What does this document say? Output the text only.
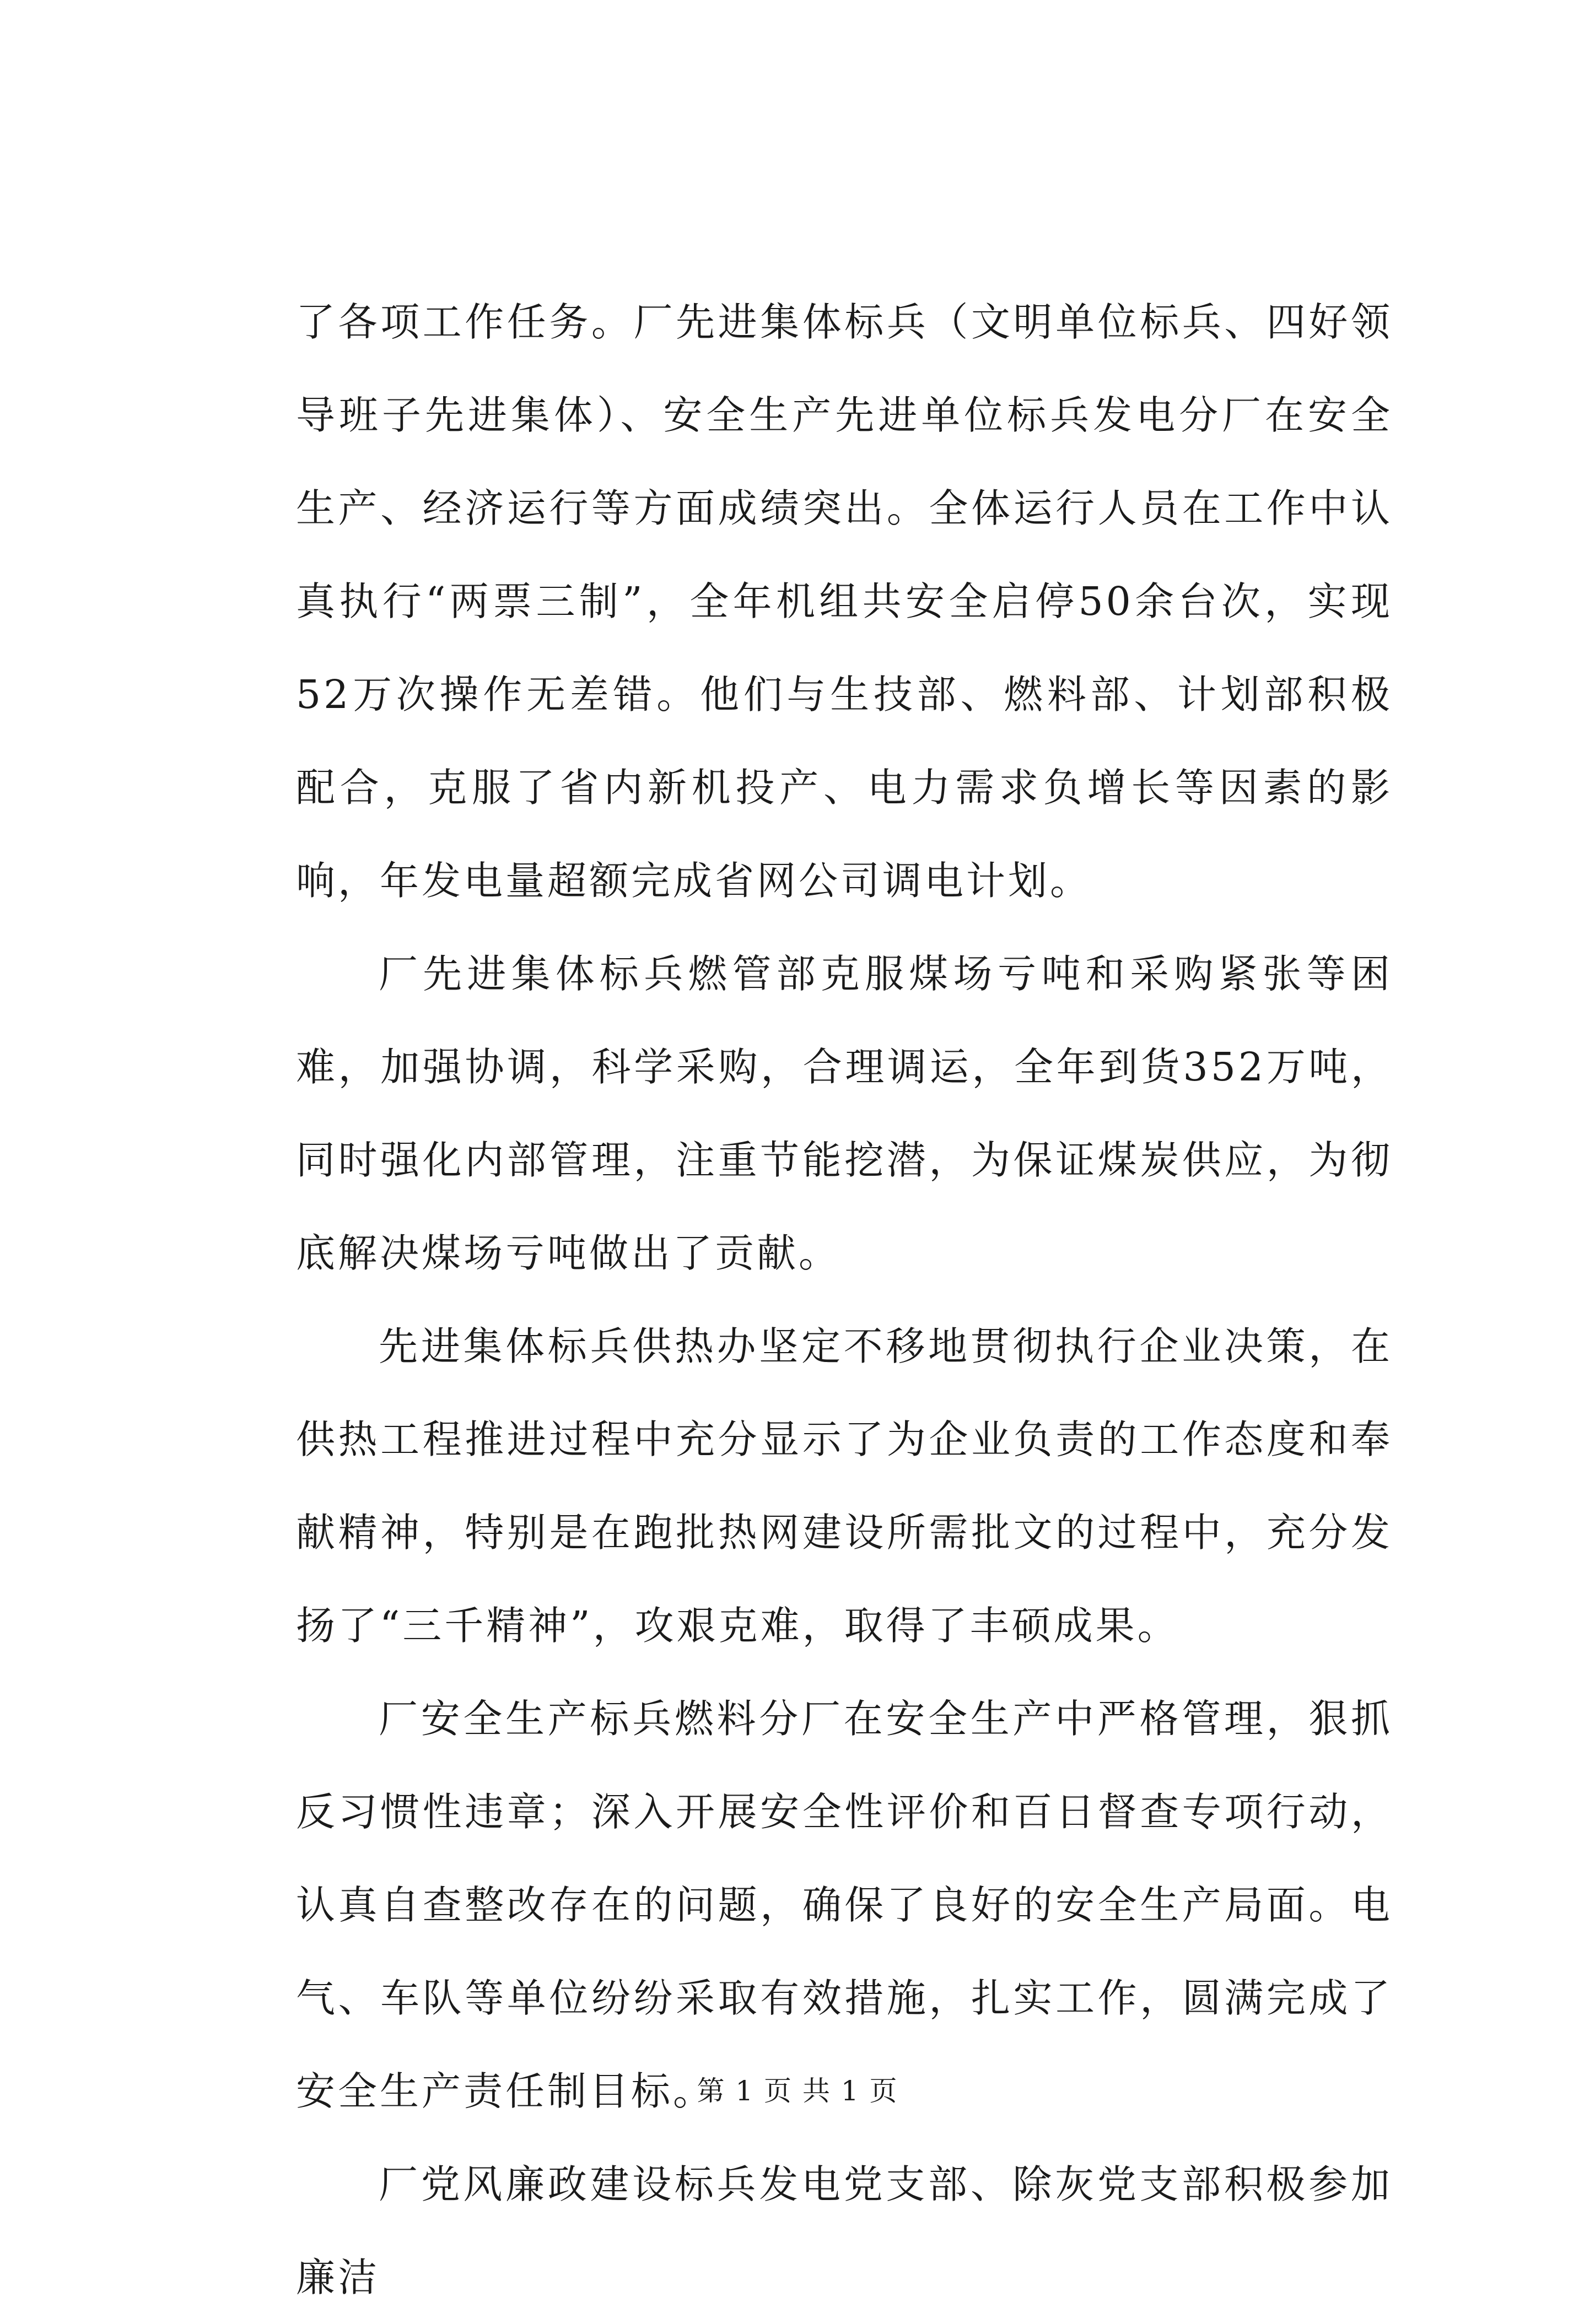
了各项工作任务。厂先进集体标兵（文明单位标兵、四好领导班子先进集体）、安全生产先进单位标兵发电分厂在安全生产、经济运行等方面成绩突出。全体运行人员在工作中认真执行“两票三制”，全年机组共安全启停50余台次，实现52万次操作无差错。他们与生技部、燃料部、计划部积极配合，克服了省内新机投产、电力需求负增长等因素的影响，年发电量超额完成省网公司调电计划。

厂先进集体标兵燃管部克服煤场亏吨和采购紧张等困难，加强协调，科学采购，合理调运，全年到货352万吨，同时强化内部管理，注重节能挖潜，为保证煤炭供应，为彻底解决煤场亏吨做出了贡献。

先进集体标兵供热办坚定不移地贯彻执行企业决策，在供热工程推进过程中充分显示了为企业负责的工作态度和奉献精神，特别是在跑批热网建设所需批文的过程中，充分发扬了“三千精神”，攻艰克难，取得了丰硕成果。

厂安全生产标兵燃料分厂在安全生产中严格管理，狠抓反习惯性违章；深入开展安全性评价和百日督查专项行动，认真自查整改存在的问题，确保了良好的安全生产局面。电气、车队等单位纷纷采取有效措施，扎实工作，圆满完成了安全生产责任制目标。

厂党风廉政建设标兵发电党支部、除灰党支部积极参加廉洁

第 1 页 共 1 页
